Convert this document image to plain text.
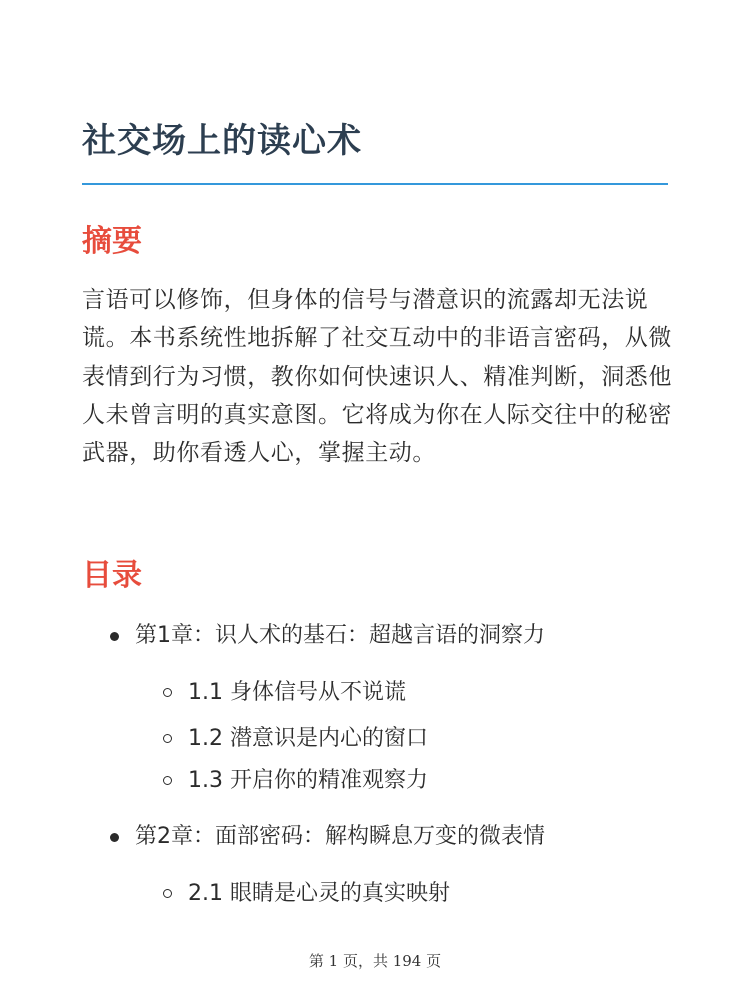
社交场上的读心术
摘要

言语可以修饰，但身体的信号与潜意识的流露却无法说谎。本书系统性地拆解了社交互动中的非语言密码，从微表情到行为习惯，教你如何快速识人、精准判断，洞悉他人未曾言明的真实意图。它将成为你在人际交往中的秘密武器，助你看透人心，掌握主动。

目录
第1章：识人术的基石：超越言语的洞察力
1.1 身体信号从不说谎
1.2 潜意识是内心的窗口
1.3 开启你的精准观察力
第2章：面部密码：解构瞬息万变的微表情
2.1 眼睛是心灵的真实映射
第 1 页，共 194 页
